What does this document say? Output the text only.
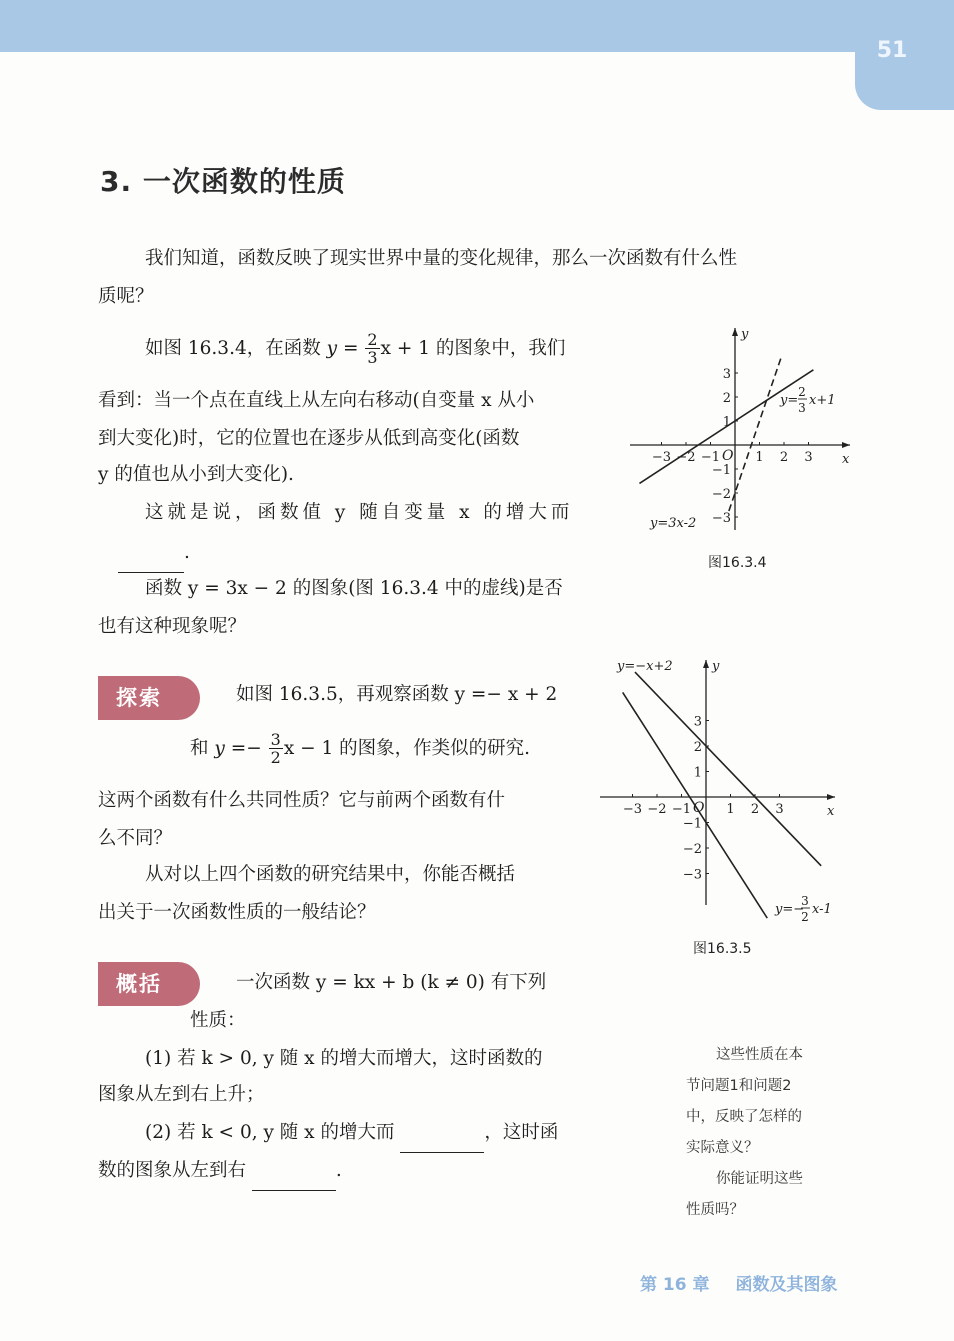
51
3. 一次函数的性质
我们知道，函数反映了现实世界中量的变化规律，那么一次函数有什么性
质呢？
如图 16.3.4，在函数 $y = \frac{2}{3}$ x + 1 的图象中，我们
看到：当一个点在直线上从左向右移动(自变量 x 从小
到大变化)时，它的位置也在逐步从低到高变化(函数
y 的值也从小到大变化).
这就是说，函数值 y 随自变量 x 的增大而
.
函数 y = 3x − 2 的图象(图 16.3.4 中的虚线)是否
也有这种现象呢？
x
y
O
−3 −2 −1	1 2 3
3
2
1
−1
−2
−3
y=
2
3 x+1
y=3x-2
图16.3.4
探索	如图 16.3.5，再观察函数 y =− x + 2
和 $y =- \frac{3}{2}$ x − 1 的图象，作类似的研究.
这两个函数有什么共同性质？它与前两个函数有什
么不同？
从对以上四个函数的研究结果中，你能否概括
出关于一次函数性质的一般结论？
x
y
O
−3 −2 −1	1 2 3
3
2
1
−1
−2
−3
y=−x+2
y=−
3
2 x-1
图16.3.5
概括	一次函数 y = kx + b (k ≠ 0) 有下列
性质：
(1) 若 k > 0, y 随 x 的增大而增大，这时函数的
图象从左到右上升；
(2) 若 k < 0, y 随 x 的增大而	，这时函
数的图象从左到右	.
这些性质在本
节问题1和问题2
中，反映了怎样的
实际意义？
你能证明这些
性质吗？
第 16 章 函数及其图象
